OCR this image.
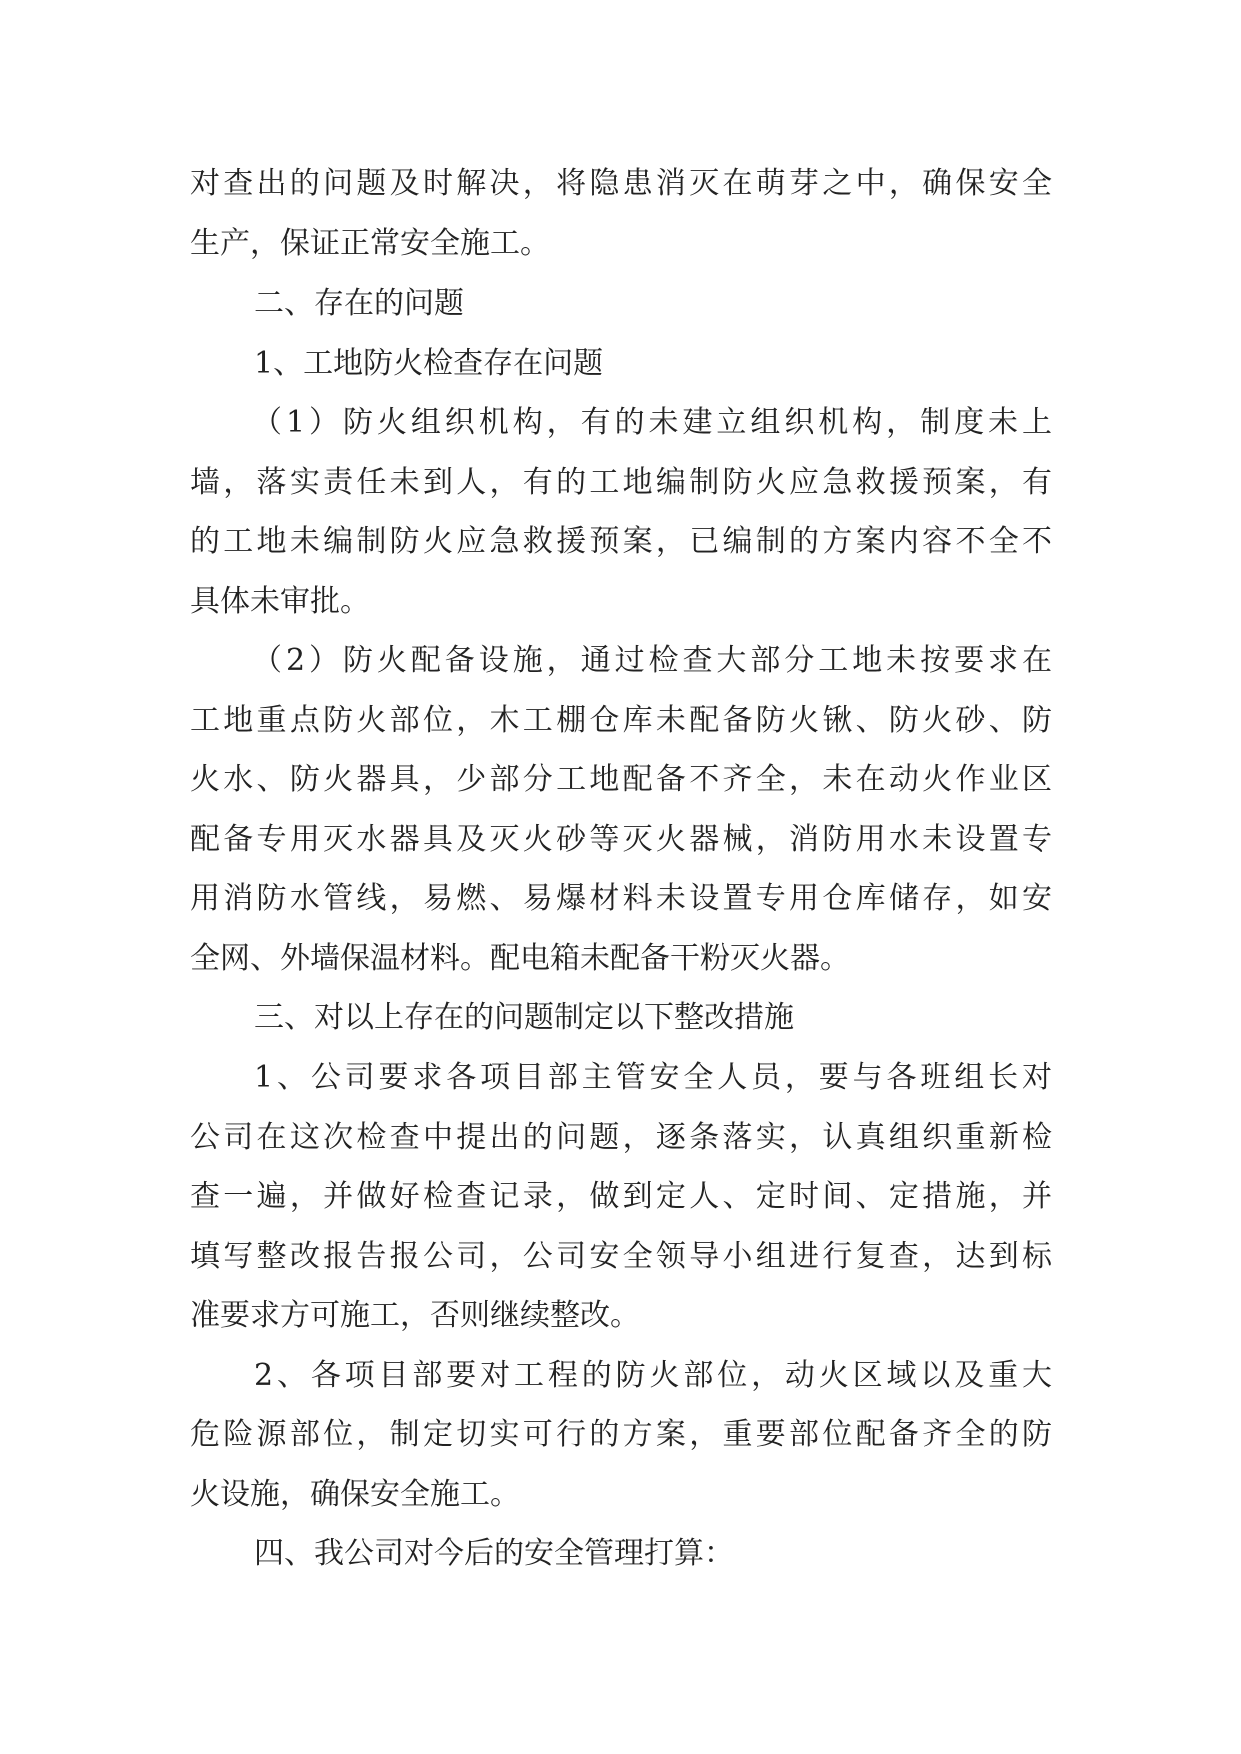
对查出的问题及时解决，将隐患消灭在萌芽之中，确保安全
生产，保证正常安全施工。
二、存在的问题
1、工地防火检查存在问题
（1）防火组织机构，有的未建立组织机构，制度未上
墙，落实责任未到人，有的工地编制防火应急救援预案，有
的工地未编制防火应急救援预案，已编制的方案内容不全不
具体未审批。
（2）防火配备设施，通过检查大部分工地未按要求在
工地重点防火部位，木工棚仓库未配备防火锹、防火砂、防
火水、防火器具，少部分工地配备不齐全，未在动火作业区
配备专用灭水器具及灭火砂等灭火器械，消防用水未设置专
用消防水管线，易燃、易爆材料未设置专用仓库储存，如安
全网、外墙保温材料。配电箱未配备干粉灭火器。
三、对以上存在的问题制定以下整改措施
1、公司要求各项目部主管安全人员，要与各班组长对
公司在这次检查中提出的问题，逐条落实，认真组织重新检
查一遍，并做好检查记录，做到定人、定时间、定措施，并
填写整改报告报公司，公司安全领导小组进行复查，达到标
准要求方可施工，否则继续整改。
2、各项目部要对工程的防火部位，动火区域以及重大
危险源部位，制定切实可行的方案，重要部位配备齐全的防
火设施，确保安全施工。
四、我公司对今后的安全管理打算：
